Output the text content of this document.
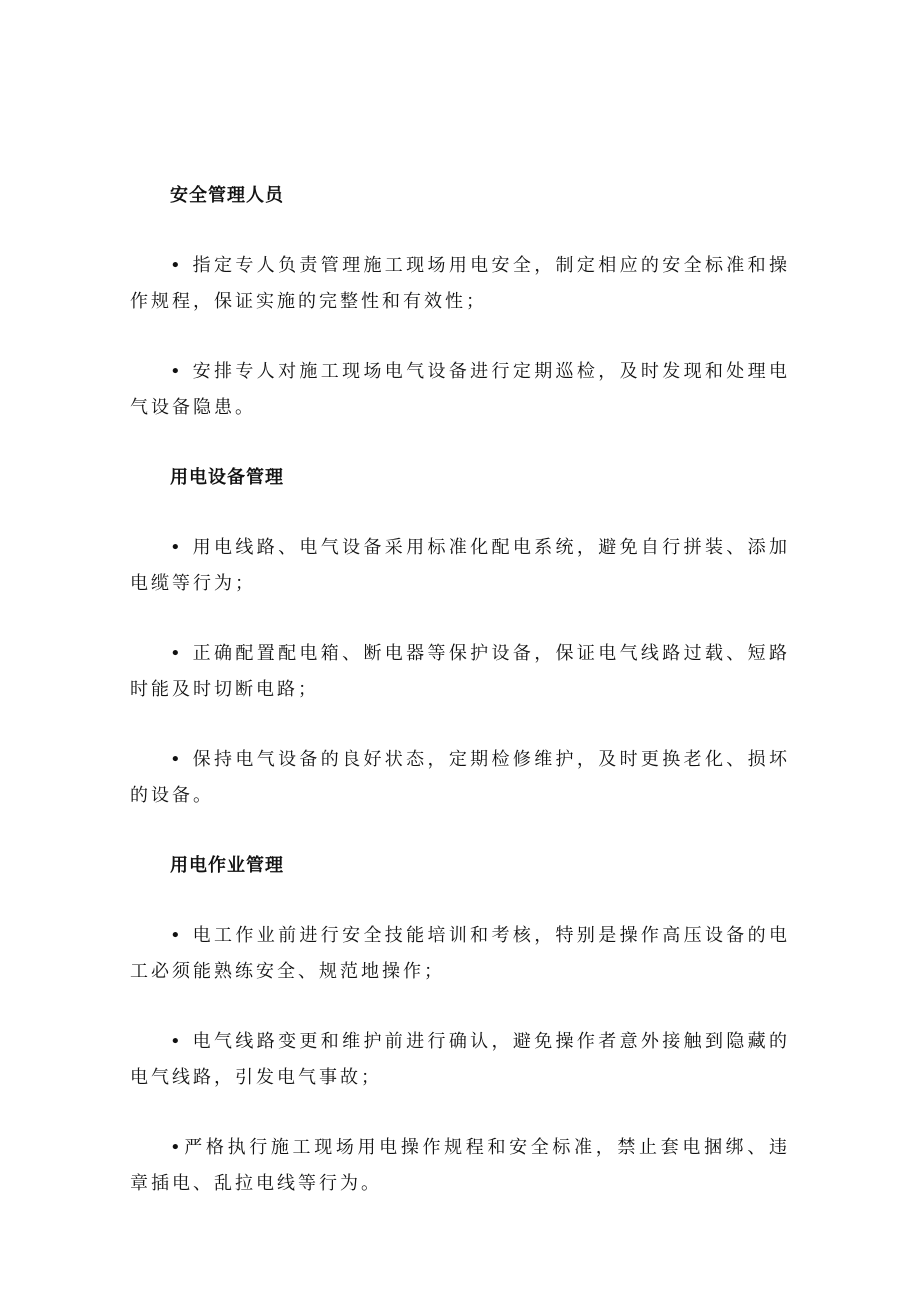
安全管理人员

• 指定专人负责管理施工现场用电安全，制定相应的安全标准和操作规程，保证实施的完整性和有效性；

• 安排专人对施工现场电气设备进行定期巡检，及时发现和处理电气设备隐患。

用电设备管理

• 用电线路、电气设备采用标准化配电系统，避免自行拼装、添加电缆等行为；

• 正确配置配电箱、断电器等保护设备，保证电气线路过载、短路时能及时切断电路；

• 保持电气设备的良好状态，定期检修维护，及时更换老化、损坏的设备。

用电作业管理

• 电工作业前进行安全技能培训和考核，特别是操作高压设备的电工必须能熟练安全、规范地操作；

• 电气线路变更和维护前进行确认，避免操作者意外接触到隐藏的电气线路，引发电气事故；

•严格执行施工现场用电操作规程和安全标准，禁止套电捆绑、违章插电、乱拉电线等行为。
